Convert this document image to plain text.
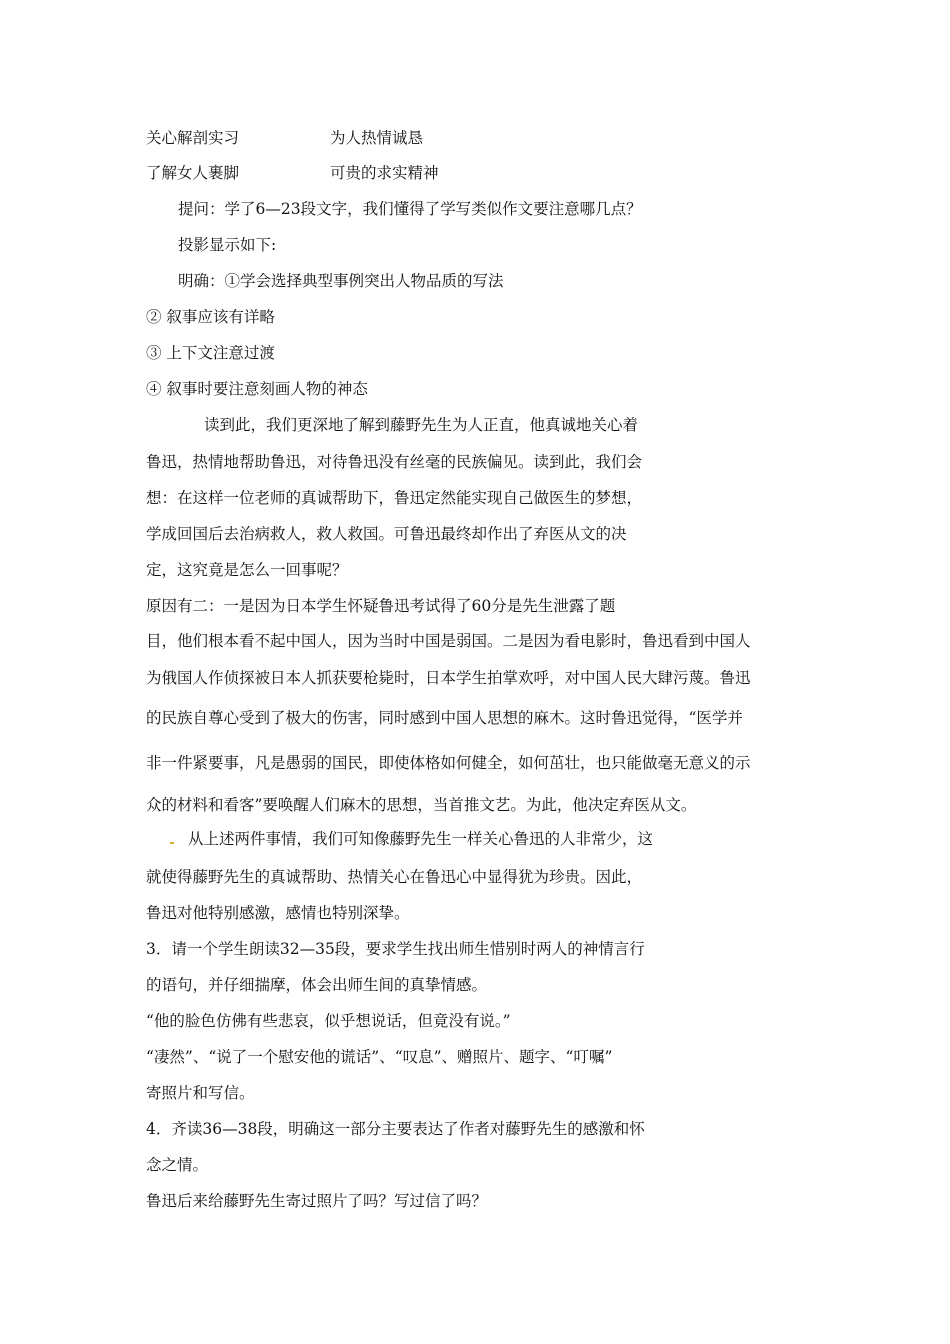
关心解剖实习	为人热情诚恳
了解女人裹脚	可贵的求实精神
提问：学了6—23段文字，我们懂得了学写类似作文要注意哪几点？
投影显示如下:
明确：①学会选择典型事例突出人物品质的写法
② 叙事应该有详略
③ 上下文注意过渡
④ 叙事时要注意刻画人物的神态
读到此，我们更深地了解到藤野先生为人正直，他真诚地关心着
鲁迅，热情地帮助鲁迅，对待鲁迅没有丝毫的民族偏见。读到此，我们会
想：在这样一位老师的真诚帮助下，鲁迅定然能实现自己做医生的梦想，
学成回国后去治病救人，救人救国。可鲁迅最终却作出了弃医从文的决
定，这究竟是怎么一回事呢？
原因有二：一是因为日本学生怀疑鲁迅考试得了60分是先生泄露了题
目，他们根本看不起中国人，因为当时中国是弱国。二是因为看电影时，鲁迅看到中国人
为俄国人作侦探被日本人抓获要枪毙时，日本学生拍掌欢呼，对中国人民大肆污蔑。鲁迅
的民族自尊心受到了极大的伤害，同时感到中国人思想的麻木。这时鲁迅觉得，“医学并
非一件紧要事，凡是愚弱的国民，即使体格如何健全，如何茁壮，也只能做毫无意义的示
众的材料和看客”要唤醒人们麻木的思想，当首推文艺。为此，他决定弃医从文。
从上述两件事情，我们可知像藤野先生一样关心鲁迅的人非常少，这
就使得藤野先生的真诚帮助、热情关心在鲁迅心中显得犹为珍贵。因此，
鲁迅对他特别感激，感情也特别深挚。
3．请一个学生朗读32—35段，要求学生找出师生惜别时两人的神情言行
的语句，并仔细揣摩，体会出师生间的真挚情感。
“他的脸色仿佛有些悲哀，似乎想说话，但竟没有说。”
“凄然”、“说了一个慰安他的谎话”、“叹息”、赠照片、题字、“叮嘱”
寄照片和写信。
4．齐读36—38段，明确这一部分主要表达了作者对藤野先生的感激和怀
念之情。
鲁迅后来给藤野先生寄过照片了吗？写过信了吗？
